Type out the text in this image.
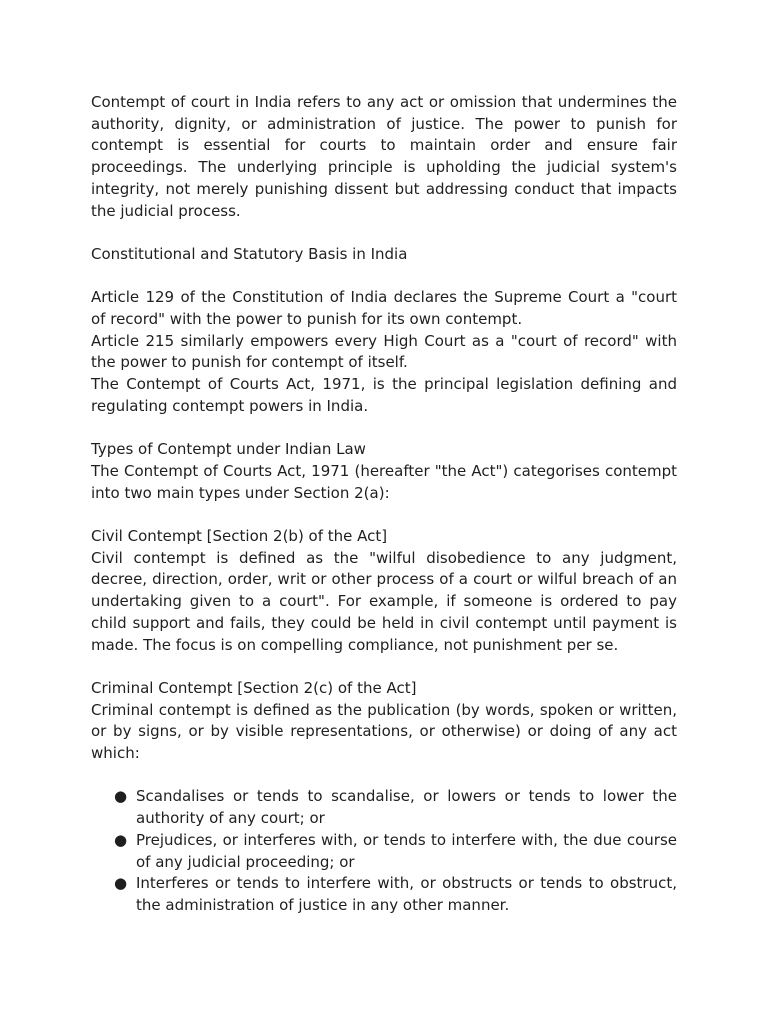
Contempt of court in India refers to any act or omission that undermines the authority, dignity, or administration of justice. The power to punish for contempt is essential for courts to maintain order and ensure fair proceedings. The underlying principle is upholding the judicial system's integrity, not merely punishing dissent but addressing conduct that impacts the judicial process.

Constitutional and Statutory Basis in India

Article 129 of the Constitution of India declares the Supreme Court a "court of record" with the power to punish for its own contempt.

Article 215 similarly empowers every High Court as a "court of record" with the power to punish for contempt of itself.

The Contempt of Courts Act, 1971, is the principal legislation defining and regulating contempt powers in India.

Types of Contempt under Indian Law

The Contempt of Courts Act, 1971 (hereafter "the Act") categorises contempt into two main types under Section 2(a):

Civil Contempt [Section 2(b) of the Act]

Civil contempt is defined as the "wilful disobedience to any judgment, decree, direction, order, writ or other process of a court or wilful breach of an undertaking given to a court". For example, if someone is ordered to pay child support and fails, they could be held in civil contempt until payment is made. The focus is on compelling compliance, not punishment per se.

Criminal Contempt [Section 2(c) of the Act]

Criminal contempt is defined as the publication (by words, spoken or written, or by signs, or by visible representations, or otherwise) or doing of any act which:

● Scandalises or tends to scandalise, or lowers or tends to lower the authority of any court; or
● Prejudices, or interferes with, or tends to interfere with, the due course of any judicial proceeding; or
● Interferes or tends to interfere with, or obstructs or tends to obstruct, the administration of justice in any other manner.
